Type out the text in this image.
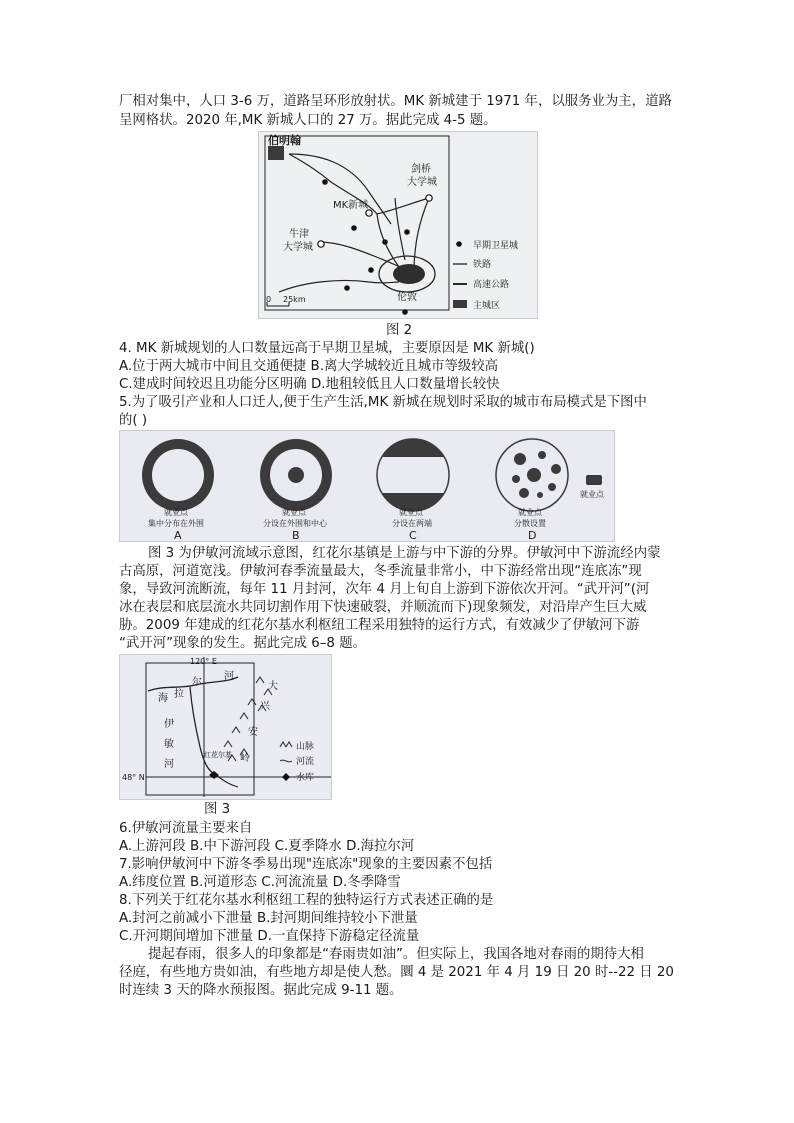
厂相对集中，人口 3-6 万，道路呈环形放射状。MK 新城建于 1971 年，以服务业为主，道路
呈网格状。2020 年,MK 新城人口的 27 万。据此完成 4-5 题。
伯明翰
剑桥
大学城
MK新城
牛津
大学城
伦敦
0 25km
早期卫星城
铁路
高速公路
主城区
图 2
4. MK 新城规划的人口数量远高于早期卫星城，主要原因是 MK 新城()
A.位于两大城市中间且交通便捷 B.离大学城较近且城市等级较高
C.建成时间较迟且功能分区明确 D.地租较低且人口数量增长较快
5.为了吸引产业和人口迁人,便于生产生活,MK 新城在规划时采取的城市布局模式是下图中
的( )
就业点
集中分布在外围
A
就业点
分设在外围和中心
B
就业点
分设在两端
C
就业点
分散设置
D
就业点
图 3 为伊敏河流域示意图，红花尔基镇是上游与中下游的分界。伊敏河中下游流经内蒙
古高原，河道宽浅。伊敏河春季流量最大，冬季流量非常小，中下游经常出现“连底冻”现
象，导致河流断流，每年 11 月封河，次年 4 月上旬自上游到下游依次开河。“武开河”(河
冰在表层和底层流水共同切割作用下快速破裂，并顺流而下)现象频发，对沿岸产生巨大威
胁。2009 年建成的红花尔基水利枢纽工程采用独特的运行方式，有效减少了伊敏河下游
“武开河”现象的发生。据此完成 6–8 题。
120° E
48° N
海 拉
尔
河
伊
敏
河
大
兴
安
岭
红花尔基
山脉
河流
水库
图 3
6.伊敏河流量主要来自
A.上游河段 B.中下游河段 C.夏季降水 D.海拉尔河
7.影响伊敏河中下游冬季易出现"连底冻"现象的主要因素不包括
A.纬度位置 B.河道形态 C.河流流量 D.冬季降雪
8.下列关于红花尔基水利枢纽工程的独特运行方式表述正确的是
A.封河之前减小下泄量 B.封河期间维持较小下泄量
C.开河期间增加下泄量 D.一直保持下游稳定径流量
提起春雨，很多人的印象都是“春雨贵如油”。但实际上，我国各地对春雨的期待大相
径庭，有些地方贵如油，有些地方却是使人愁。圜 4 是 2021 年 4 月 19 日 20 时--22 日 20
时连续 3 天的降水预报图。据此完成 9-11 题。
